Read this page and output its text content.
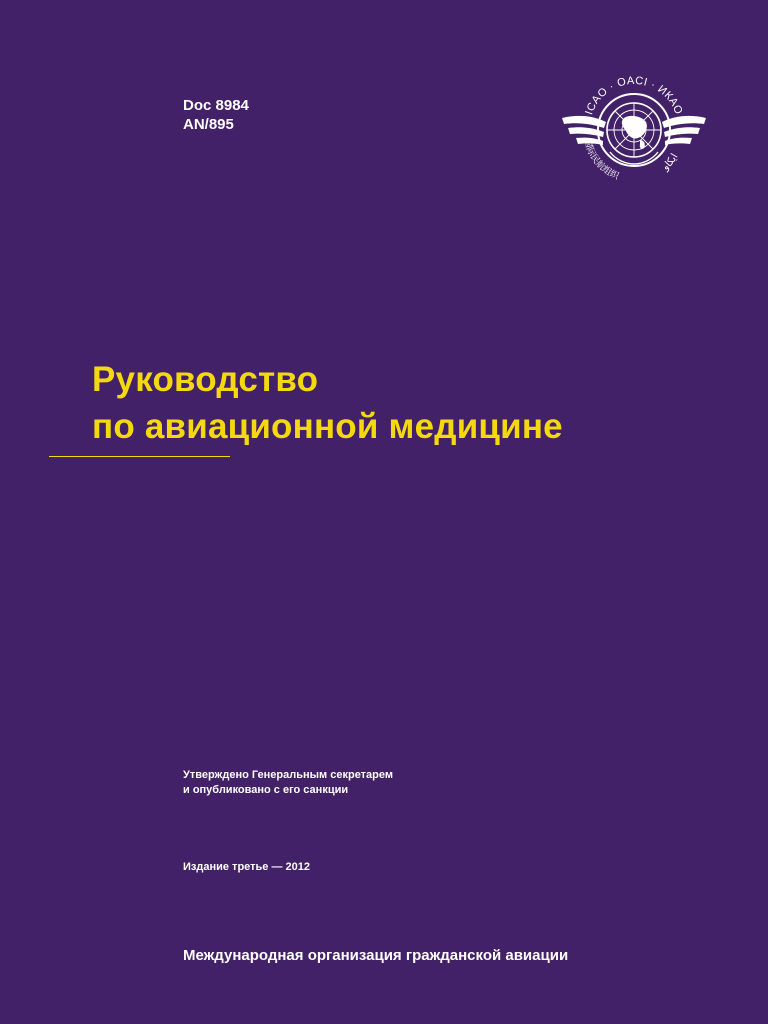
Doc 8984
AN/895
ICAO · OACI · ИКАО
国际民航组织
ايكاو
Руководство
по авиационной медицине
Утверждено Генеральным секретарем
и опубликовано с его санкции
Издание третье — 2012
Международная организация гражданской авиации
